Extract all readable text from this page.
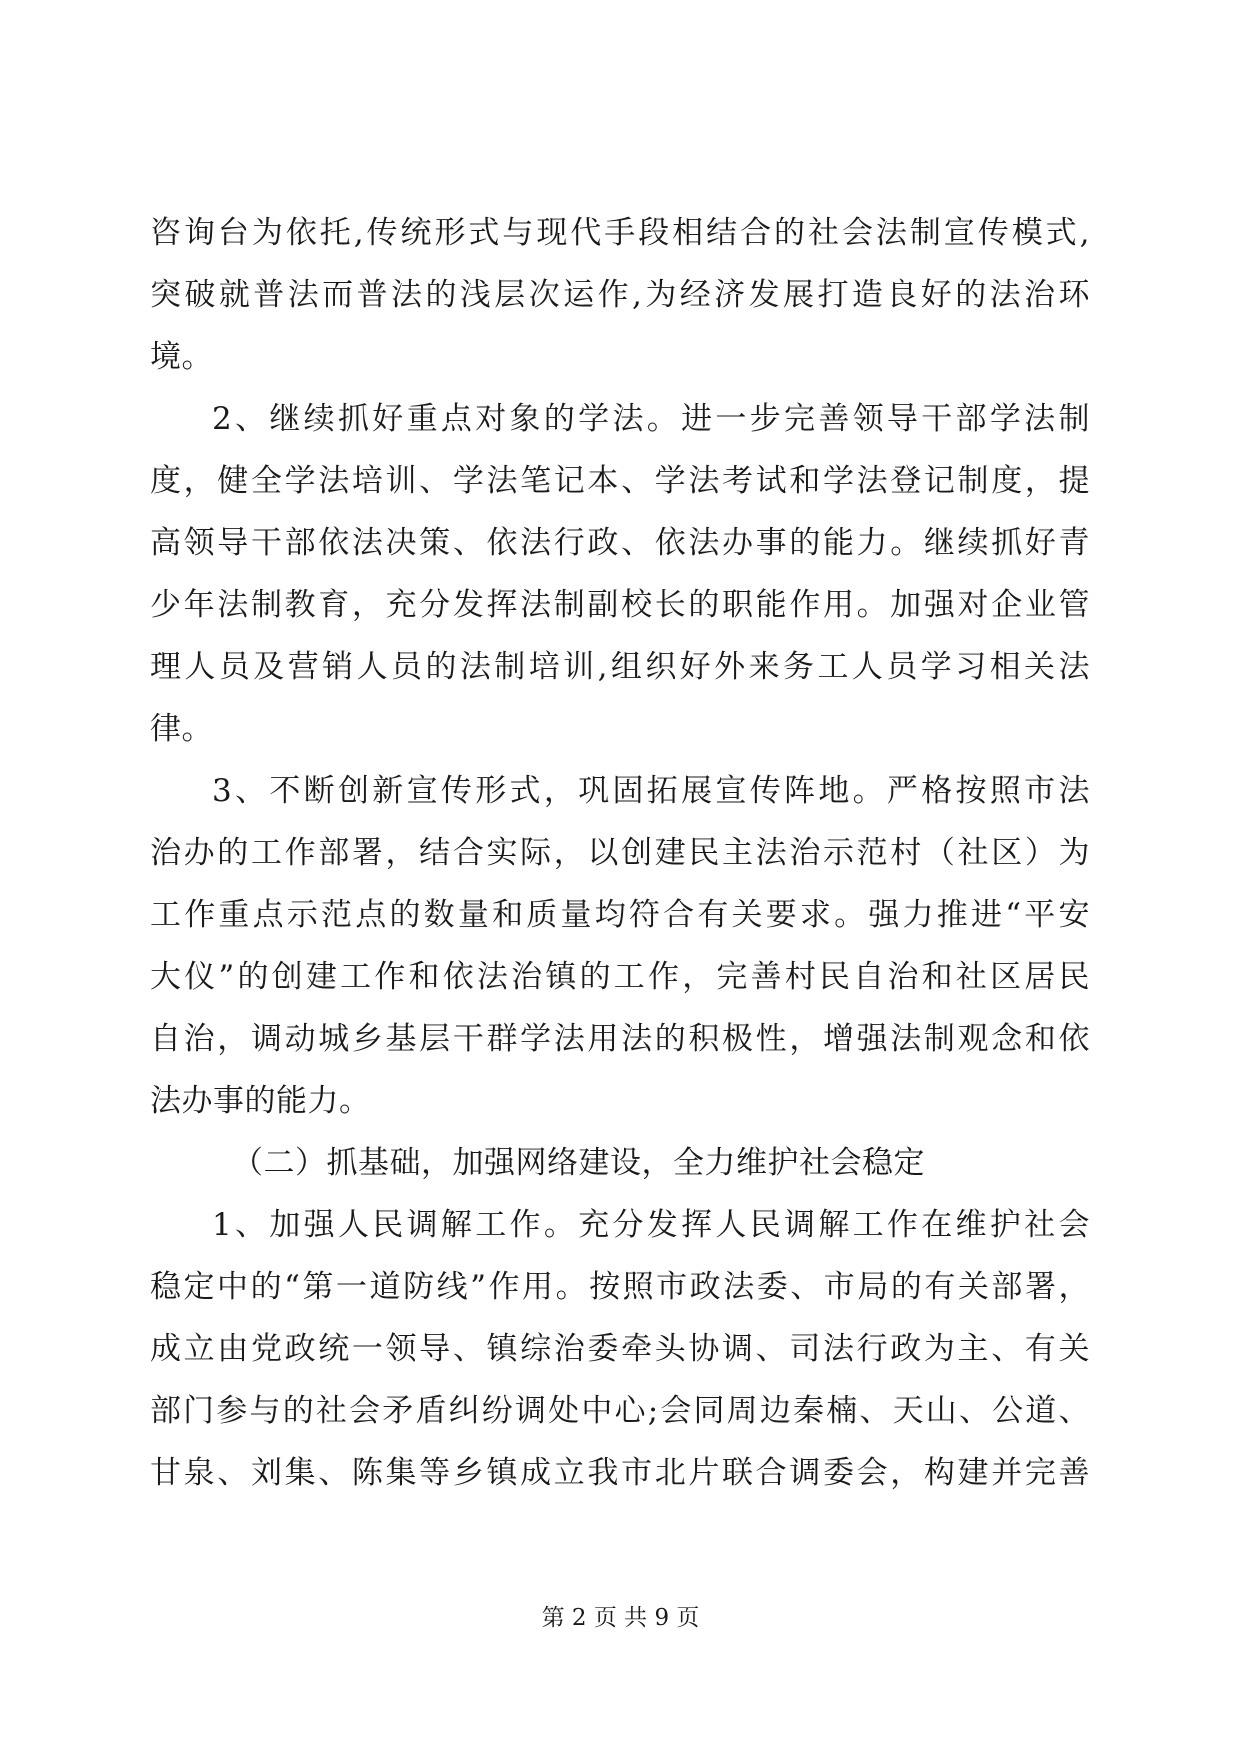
咨询台为依托,传统形式与现代手段相结合的社会法制宣传模式,
突破就普法而普法的浅层次运作,为经济发展打造良好的法治环
境。
2、继续抓好重点对象的学法。进一步完善领导干部学法制
度，健全学法培训、学法笔记本、学法考试和学法登记制度，提
高领导干部依法决策、依法行政、依法办事的能力。继续抓好青
少年法制教育，充分发挥法制副校长的职能作用。加强对企业管
理人员及营销人员的法制培训,组织好外来务工人员学习相关法
律。
3、不断创新宣传形式，巩固拓展宣传阵地。严格按照市法
治办的工作部署，结合实际，以创建民主法治示范村（社区）为
工作重点示范点的数量和质量均符合有关要求。强力推进“平安
大仪”的创建工作和依法治镇的工作，完善村民自治和社区居民
自治，调动城乡基层干群学法用法的积极性，增强法制观念和依
法办事的能力。
（二）抓基础，加强网络建设，全力维护社会稳定
1、加强人民调解工作。充分发挥人民调解工作在维护社会
稳定中的“第一道防线”作用。按照市政法委、市局的有关部署，
成立由党政统一领导、镇综治委牵头协调、司法行政为主、有关
部门参与的社会矛盾纠纷调处中心;会同周边秦楠、天山、公道、
甘泉、刘集、陈集等乡镇成立我市北片联合调委会，构建并完善
第 2 页 共 9 页
